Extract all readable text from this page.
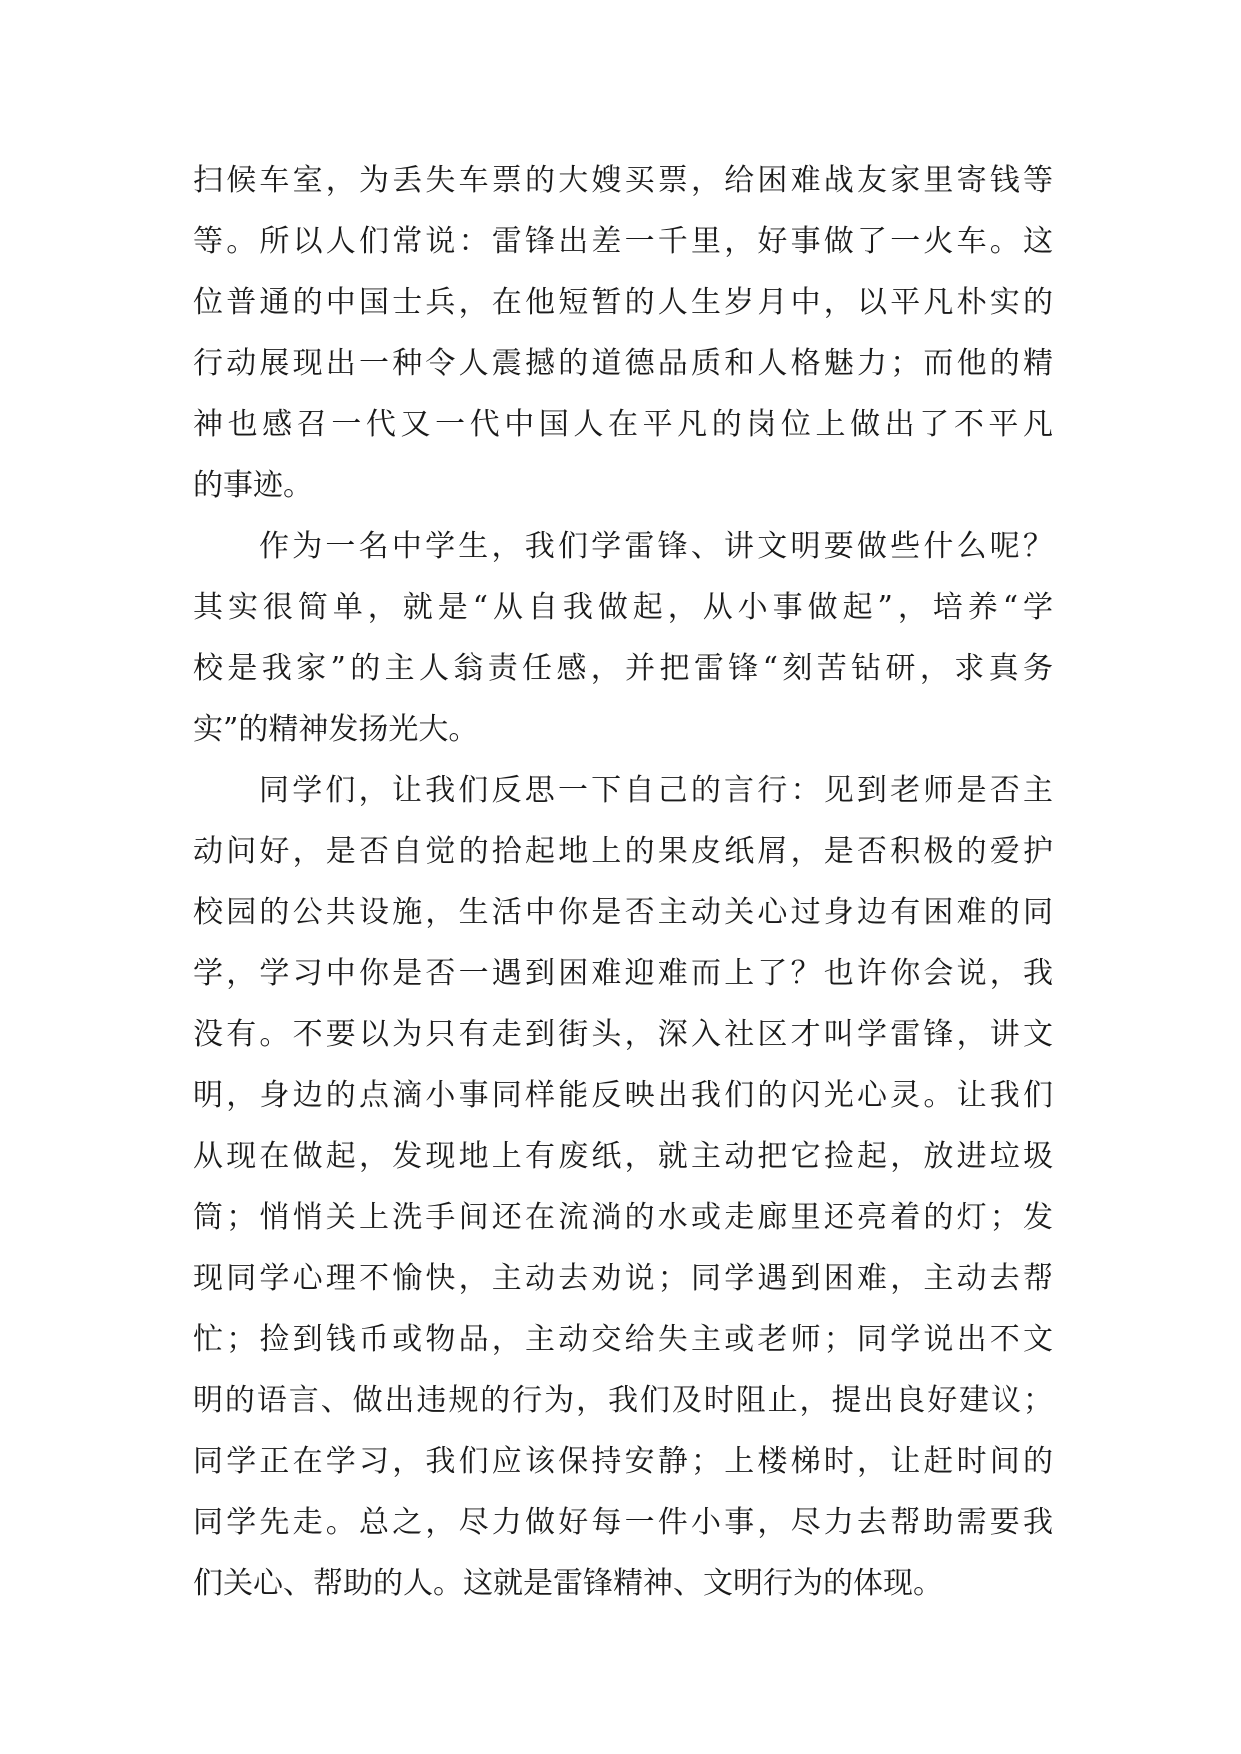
扫候车室，为丢失车票的大嫂买票，给困难战友家里寄钱等
等。所以人们常说：雷锋出差一千里，好事做了一火车。这
位普通的中国士兵，在他短暂的人生岁月中，以平凡朴实的
行动展现出一种令人震撼的道德品质和人格魅力；而他的精
神也感召一代又一代中国人在平凡的岗位上做出了不平凡
的事迹。
作为一名中学生，我们学雷锋、讲文明要做些什么呢？
其实很简单，就是“从自我做起，从小事做起”，培养“学
校是我家”的主人翁责任感，并把雷锋“刻苦钻研，求真务
实”的精神发扬光大。
同学们，让我们反思一下自己的言行：见到老师是否主
动问好，是否自觉的拾起地上的果皮纸屑，是否积极的爱护
校园的公共设施，生活中你是否主动关心过身边有困难的同
学，学习中你是否一遇到困难迎难而上了？也许你会说，我
没有。不要以为只有走到街头，深入社区才叫学雷锋，讲文
明，身边的点滴小事同样能反映出我们的闪光心灵。让我们
从现在做起，发现地上有废纸，就主动把它捡起，放进垃圾
筒；悄悄关上洗手间还在流淌的水或走廊里还亮着的灯；发
现同学心理不愉快，主动去劝说；同学遇到困难，主动去帮
忙；捡到钱币或物品，主动交给失主或老师；同学说出不文
明的语言、做出违规的行为，我们及时阻止，提出良好建议；
同学正在学习，我们应该保持安静；上楼梯时，让赶时间的
同学先走。总之，尽力做好每一件小事，尽力去帮助需要我
们关心、帮助的人。这就是雷锋精神、文明行为的体现。
